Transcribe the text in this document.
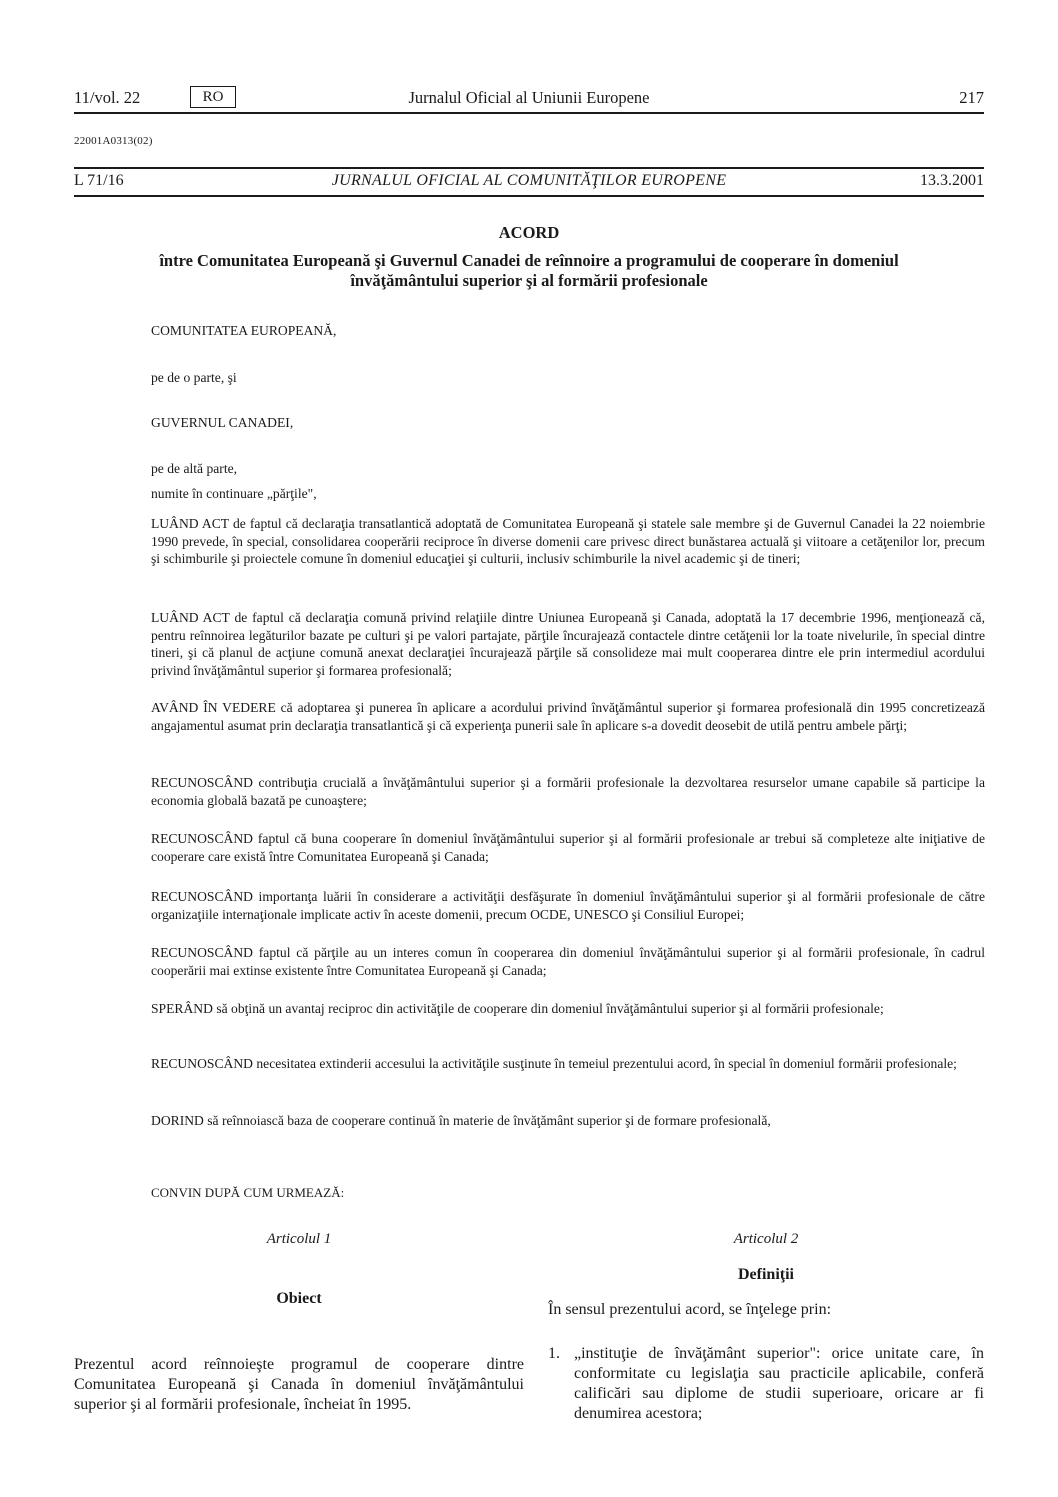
11/vol. 22	RO	Jurnalul Oficial al Uniunii Europene	217
22001A0313(02)
L 71/16	JURNALUL OFICIAL AL COMUNITĂŢILOR EUROPENE	13.3.2001
ACORD
între Comunitatea Europeană şi Guvernul Canadei de reînnoire a programului de cooperare în domeniul învăţământului superior şi al formării profesionale
COMUNITATEA EUROPEANĂ,
pe de o parte, şi
GUVERNUL CANADEI,
pe de altă parte,
numite în continuare „părţile",
LUÂND ACT de faptul că declaraţia transatlantică adoptată de Comunitatea Europeană şi statele sale membre şi de Guvernul Canadei la 22 noiembrie 1990 prevede, în special, consolidarea cooperării reciproce în diverse domenii care privesc direct bunăstarea actuală şi viitoare a cetăţenilor lor, precum şi schimburile şi proiectele comune în domeniul educaţiei şi culturii, inclusiv schimburile la nivel academic şi de tineri;
LUÂND ACT de faptul că declaraţia comună privind relaţiile dintre Uniunea Europeană şi Canada, adoptată la 17 decembrie 1996, menţionează că, pentru reînnoirea legăturilor bazate pe culturi şi pe valori partajate, părţile încurajează contactele dintre cetăţenii lor la toate nivelurile, în special dintre tineri, şi că planul de acţiune comună anexat declaraţiei încurajează părţile să consolideze mai mult cooperarea dintre ele prin intermediul acordului privind învăţământul superior şi formarea profesională;
AVÂND ÎN VEDERE că adoptarea şi punerea în aplicare a acordului privind învăţământul superior şi formarea profesională din 1995 concretizează angajamentul asumat prin declaraţia transatlantică şi că experienţa punerii sale în aplicare s-a dovedit deosebit de utilă pentru ambele părţi;
RECUNOSCÂND contribuţia crucială a învăţământului superior şi a formării profesionale la dezvoltarea resurselor umane capabile să participe la economia globală bazată pe cunoaştere;
RECUNOSCÂND faptul că buna cooperare în domeniul învăţământului superior şi al formării profesionale ar trebui să completeze alte iniţiative de cooperare care există între Comunitatea Europeană şi Canada;
RECUNOSCÂND importanţa luării în considerare a activităţii desfăşurate în domeniul învăţământului superior şi al formării profesionale de către organizaţiile internaţionale implicate activ în aceste domenii, precum OCDE, UNESCO şi Consiliul Europei;
RECUNOSCÂND faptul că părţile au un interes comun în cooperarea din domeniul învăţământului superior şi al formării profesionale, în cadrul cooperării mai extinse existente între Comunitatea Europeană şi Canada;
SPERÂND să obţină un avantaj reciproc din activităţile de cooperare din domeniul învăţământului superior şi al formării profesionale;
RECUNOSCÂND necesitatea extinderii accesului la activităţile susţinute în temeiul prezentului acord, în special în domeniul formării profesionale;
DORIND să reînnoiască baza de cooperare continuă în materie de învăţământ superior şi de formare profesională,
CONVIN DUPĂ CUM URMEAZĂ:
Articolul 1
Obiect
Prezentul acord reînnoieşte programul de cooperare dintre Comunitatea Europeană şi Canada în domeniul învăţământului superior şi al formării profesionale, încheiat în 1995.
Articolul 2
Definiţii
În sensul prezentului acord, se înţelege prin:
1. „instituţie de învăţământ superior": orice unitate care, în conformitate cu legislaţia sau practicile aplicabile, conferă calificări sau diplome de studii superioare, oricare ar fi denumirea acestora;
